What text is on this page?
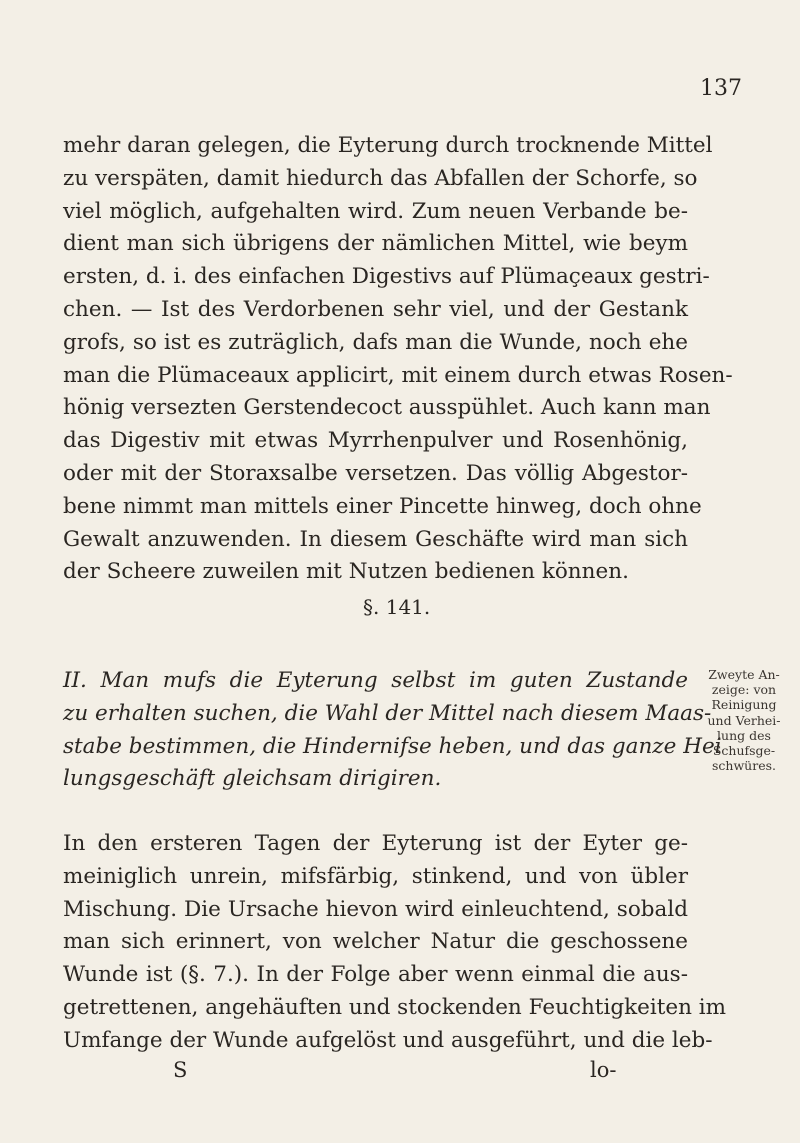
137
mehr daran gelegen, die Eyterung durch trocknende Mittel
zu verspäten, damit hiedurch das Abfallen der Schorfe, so
viel möglich, aufgehalten wird. Zum neuen Verbande be-
dient man sich übrigens der nämlichen Mittel, wie beym
ersten, d. i. des einfachen Digestivs auf Plümaçeaux gestri-
chen. — Ist des Verdorbenen sehr viel, und der Gestank
grofs, so ist es zuträglich, dafs man die Wunde, noch ehe
man die Plümaceaux applicirt, mit einem durch etwas Rosen-
hönig versezten Gerstendecoct ausspühlet. Auch kann man
das Digestiv mit etwas Myrrhenpulver und Rosenhönig,
oder mit der Storaxsalbe versetzen. Das völlig Abgestor-
bene nimmt man mittels einer Pincette hinweg, doch ohne
Gewalt anzuwenden. In diesem Geschäfte wird man sich
der Scheere zuweilen mit Nutzen bedienen können.
§. 141.
II. Man mufs die Eyterung selbst im guten Zustande
zu erhalten suchen, die Wahl der Mittel nach diesem Maas-
stabe bestimmen, die Hindernifse heben, und das ganze Hei
lungsgeschäft gleichsam dirigiren.
Zweyte An-
zeige: von
Reinigung
und Verhei-
lung des
Schufsge-
schwüres.
In den ersteren Tagen der Eyterung ist der Eyter ge-
meiniglich unrein, mifsfärbig, stinkend, und von übler
Mischung. Die Ursache hievon wird einleuchtend, sobald
man sich erinnert, von welcher Natur die geschossene
Wunde ist (§. 7.). In der Folge aber wenn einmal die aus-
getrettenen, angehäuften und stockenden Feuchtigkeiten im
Umfange der Wunde aufgelöst und ausgeführt, und die leb-
S	lo-
